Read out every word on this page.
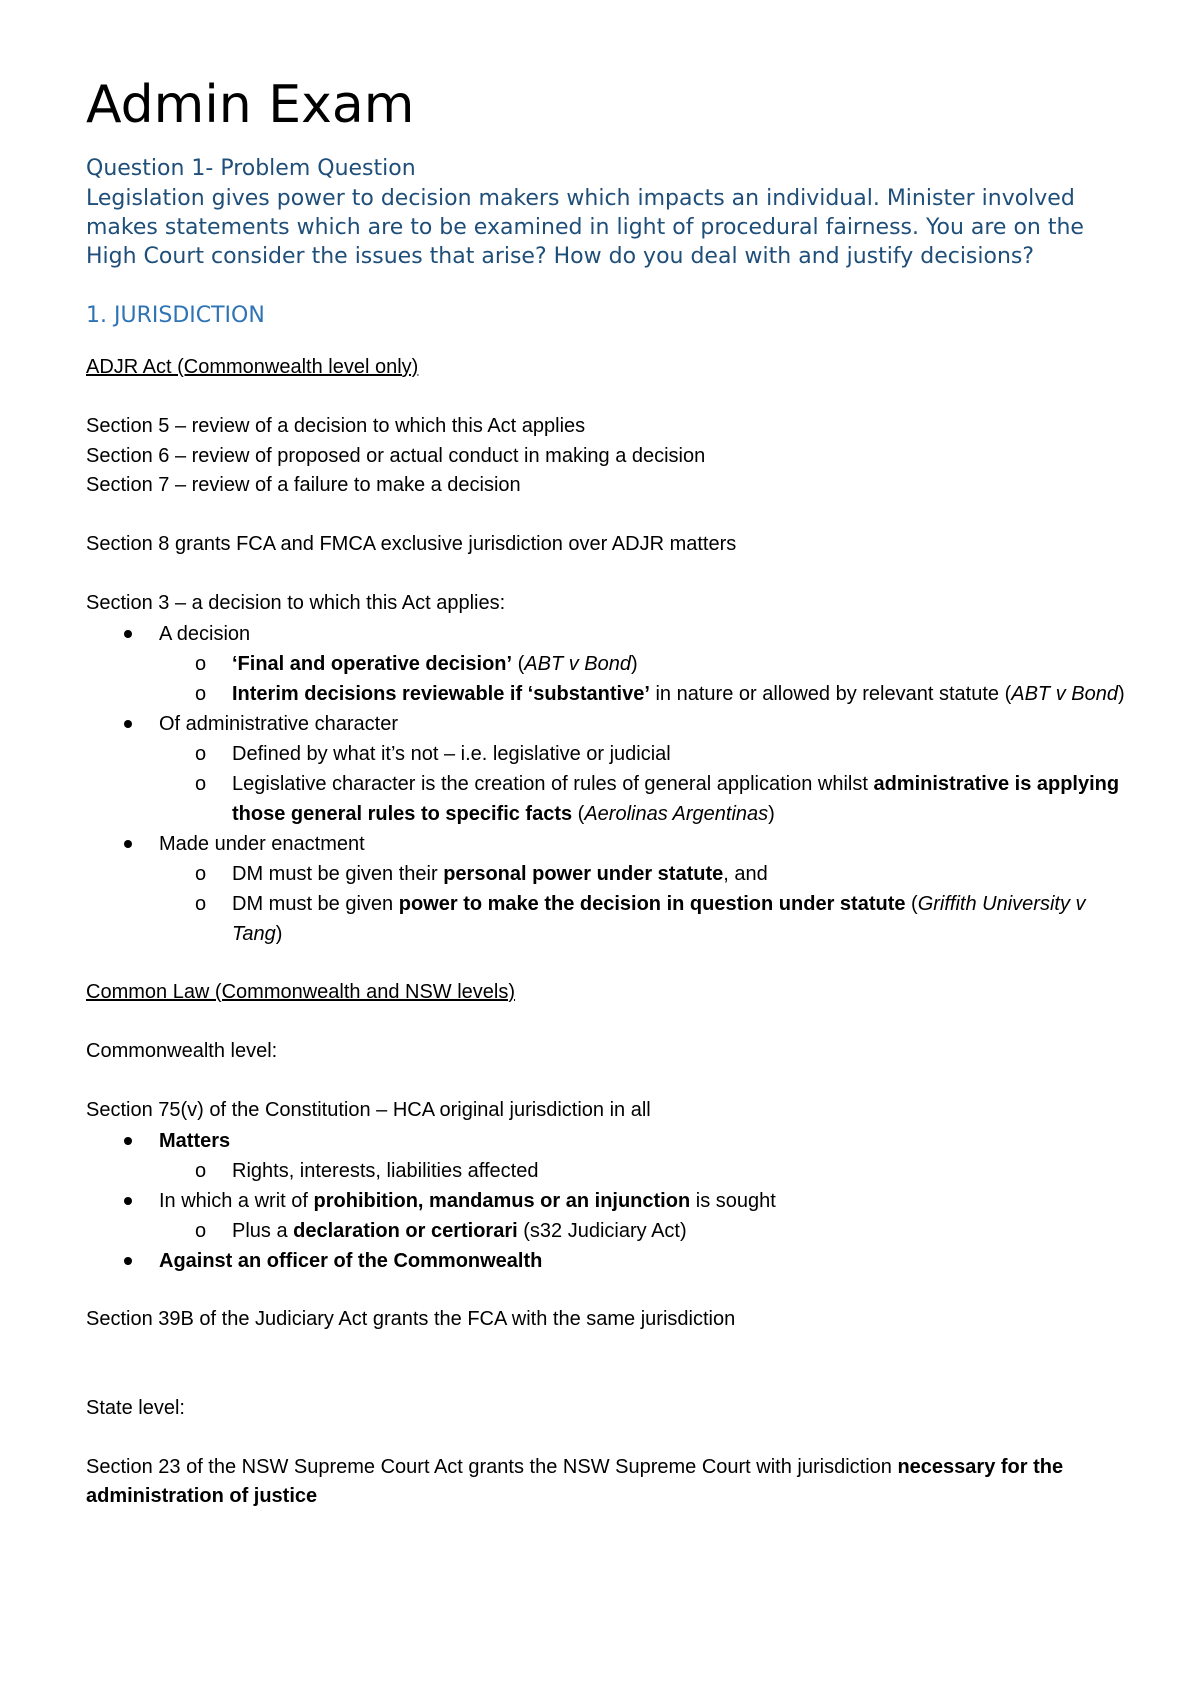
Admin Exam

Question 1- Problem Question

Legislation gives power to decision makers which impacts an individual. Minister involved makes statements which are to be examined in light of procedural fairness. You are on the High Court consider the issues that arise? How do you deal with and justify decisions?

1. JURISDICTION

ADJR Act (Commonwealth level only)

Section 5 – review of a decision to which this Act applies

Section 6 – review of proposed or actual conduct in making a decision

Section 7 – review of a failure to make a decision

Section 8 grants FCA and FMCA exclusive jurisdiction over ADJR matters

Section 3 – a decision to which this Act applies:

A decision
o ‘Final and operative decision’ (ABT v Bond)
o Interim decisions reviewable if ‘substantive’ in nature or allowed by relevant statute (ABT v Bond)
Of administrative character
o Defined by what it’s not – i.e. legislative or judicial
o Legislative character is the creation of rules of general application whilst administrative is applying those general rules to specific facts (Aerolinas Argentinas)
Made under enactment
o DM must be given their personal power under statute, and
o DM must be given power to make the decision in question under statute (Griffith University v Tang)

Common Law (Commonwealth and NSW levels)

Commonwealth level:

Section 75(v) of the Constitution – HCA original jurisdiction in all

Matters
o Rights, interests, liabilities affected
In which a writ of prohibition, mandamus or an injunction is sought
o Plus a declaration or certiorari (s32 Judiciary Act)
Against an officer of the Commonwealth

Section 39B of the Judiciary Act grants the FCA with the same jurisdiction

State level:

Section 23 of the NSW Supreme Court Act grants the NSW Supreme Court with jurisdiction necessary for the administration of justice
